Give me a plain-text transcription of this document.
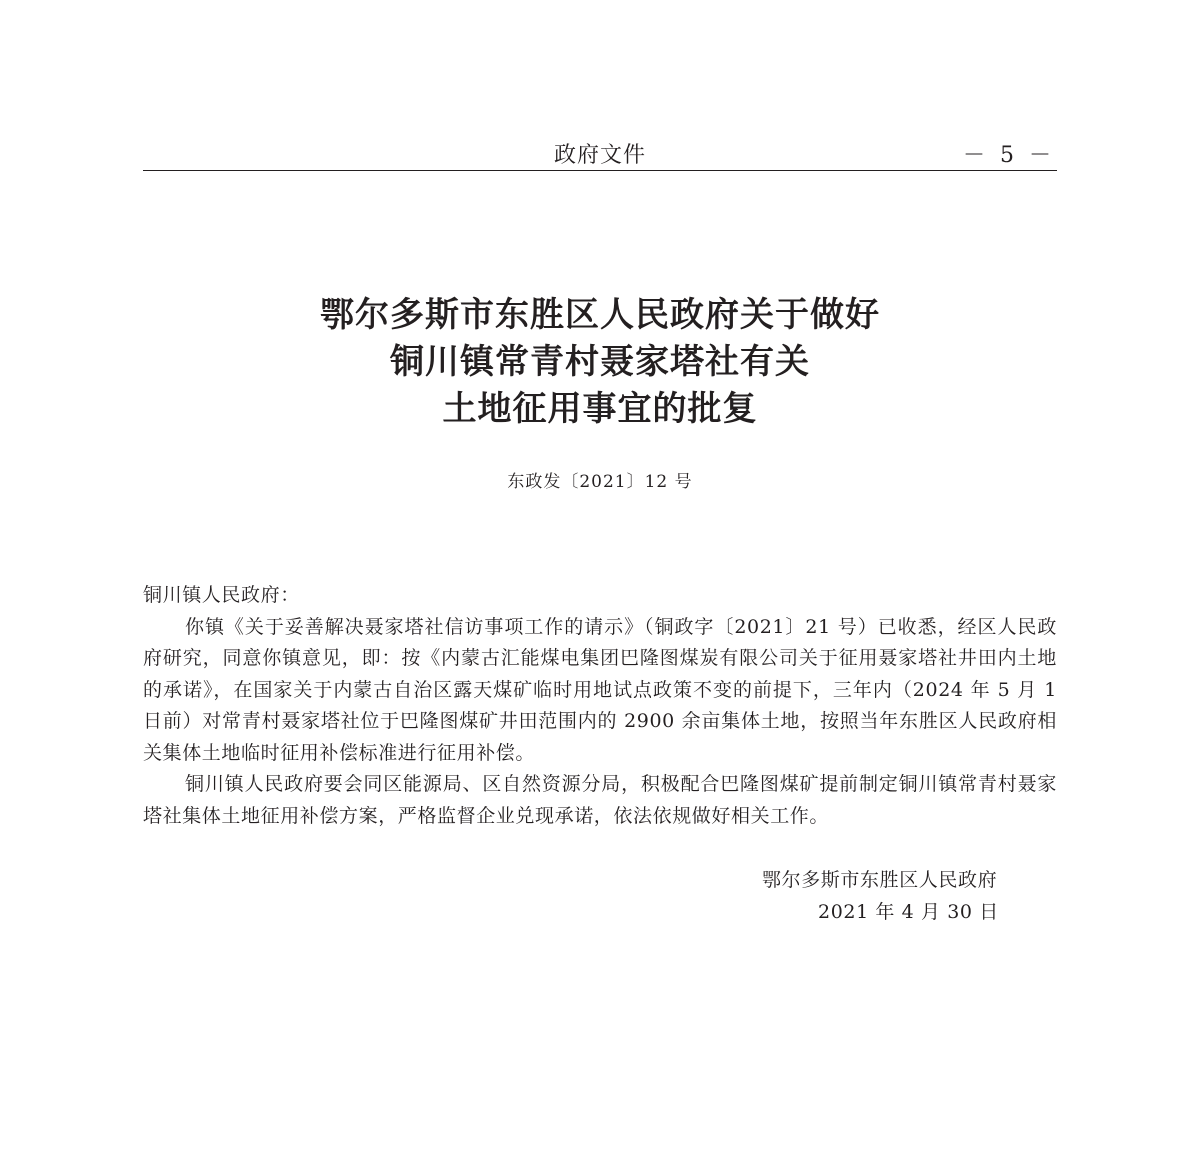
政府文件	－ 5 －
鄂尔多斯市东胜区人民政府关于做好
铜川镇常青村聂家塔社有关
土地征用事宜的批复
东政发〔2021〕12 号

铜川镇人民政府：

你镇《关于妥善解决聂家塔社信访事项工作的请示》（铜政字〔2021〕21 号）已收悉，经区人民政府研究，同意你镇意见，即：按《内蒙古汇能煤电集团巴隆图煤炭有限公司关于征用聂家塔社井田内土地的承诺》，在国家关于内蒙古自治区露天煤矿临时用地试点政策不变的前提下，三年内（2024 年 5 月 1 日前）对常青村聂家塔社位于巴隆图煤矿井田范围内的 2900 余亩集体土地，按照当年东胜区人民政府相关集体土地临时征用补偿标准进行征用补偿。

铜川镇人民政府要会同区能源局、区自然资源分局，积极配合巴隆图煤矿提前制定铜川镇常青村聂家塔社集体土地征用补偿方案，严格监督企业兑现承诺，依法依规做好相关工作。

鄂尔多斯市东胜区人民政府
2021 年 4 月 30 日
